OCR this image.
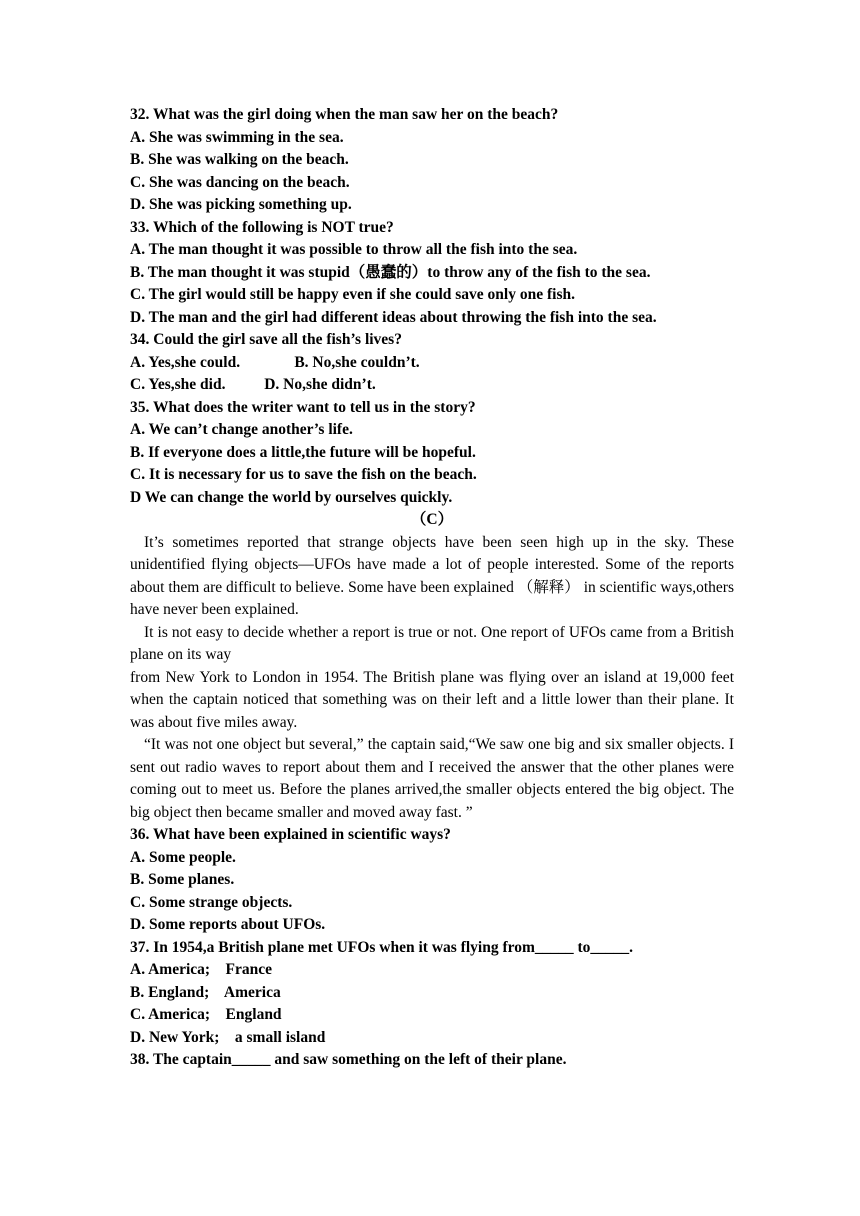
32. What was the girl doing when the man saw her on the beach?
A. She was swimming in the sea.
B. She was walking on the beach.
C. She was dancing on the beach.
D. She was picking something up.
33. Which of the following is NOT true?
A. The man thought it was possible to throw all the fish into the sea.
B. The man thought it was stupid（愚蠢的）to throw any of the fish to the sea.
C. The girl would still be happy even if she could save only one fish.
D. The man and the girl had different ideas about throwing the fish into the sea.
34. Could the girl save all the fish’s lives?
A. Yes,she could.              B. No,she couldn’t.
C. Yes,she did.          D. No,she didn’t.
35. What does the writer want to tell us in the story?
A. We can’t change another’s life.
B. If everyone does a little,the future will be hopeful.
C. It is necessary for us to save the fish on the beach.
D We can change the world by ourselves quickly.
（C）
It’s sometimes reported that strange objects have been seen high up in the sky. These unidentified flying objects—UFOs have made a lot of people interested. Some of the reports about them are difficult to believe. Some have been explained （解释） in scientific ways,others have never been explained.
It is not easy to decide whether a report is true or not. One report of UFOs came from a British plane on its way
from New York to London in 1954. The British plane was flying over an island at 19,000 feet when the captain noticed that something was on their left and a little lower than their plane. It was about five miles away.
“It was not one object but several,” the captain said,“We saw one big and six smaller objects. I sent out radio waves to report about them and I received the answer that the other planes were coming out to meet us. Before the planes arrived,the smaller objects entered the big object. The big object then became smaller and moved away fast. ”
36. What have been explained in scientific ways?
A. Some people.
B. Some planes.
C. Some strange objects.
D. Some reports about UFOs.
37. In 1954,a British plane met UFOs when it was flying from_____ to_____.
A. America;    France
B. England;    America
C. America;    England
D. New York;    a small island
38. The captain_____ and saw something on the left of their plane.
